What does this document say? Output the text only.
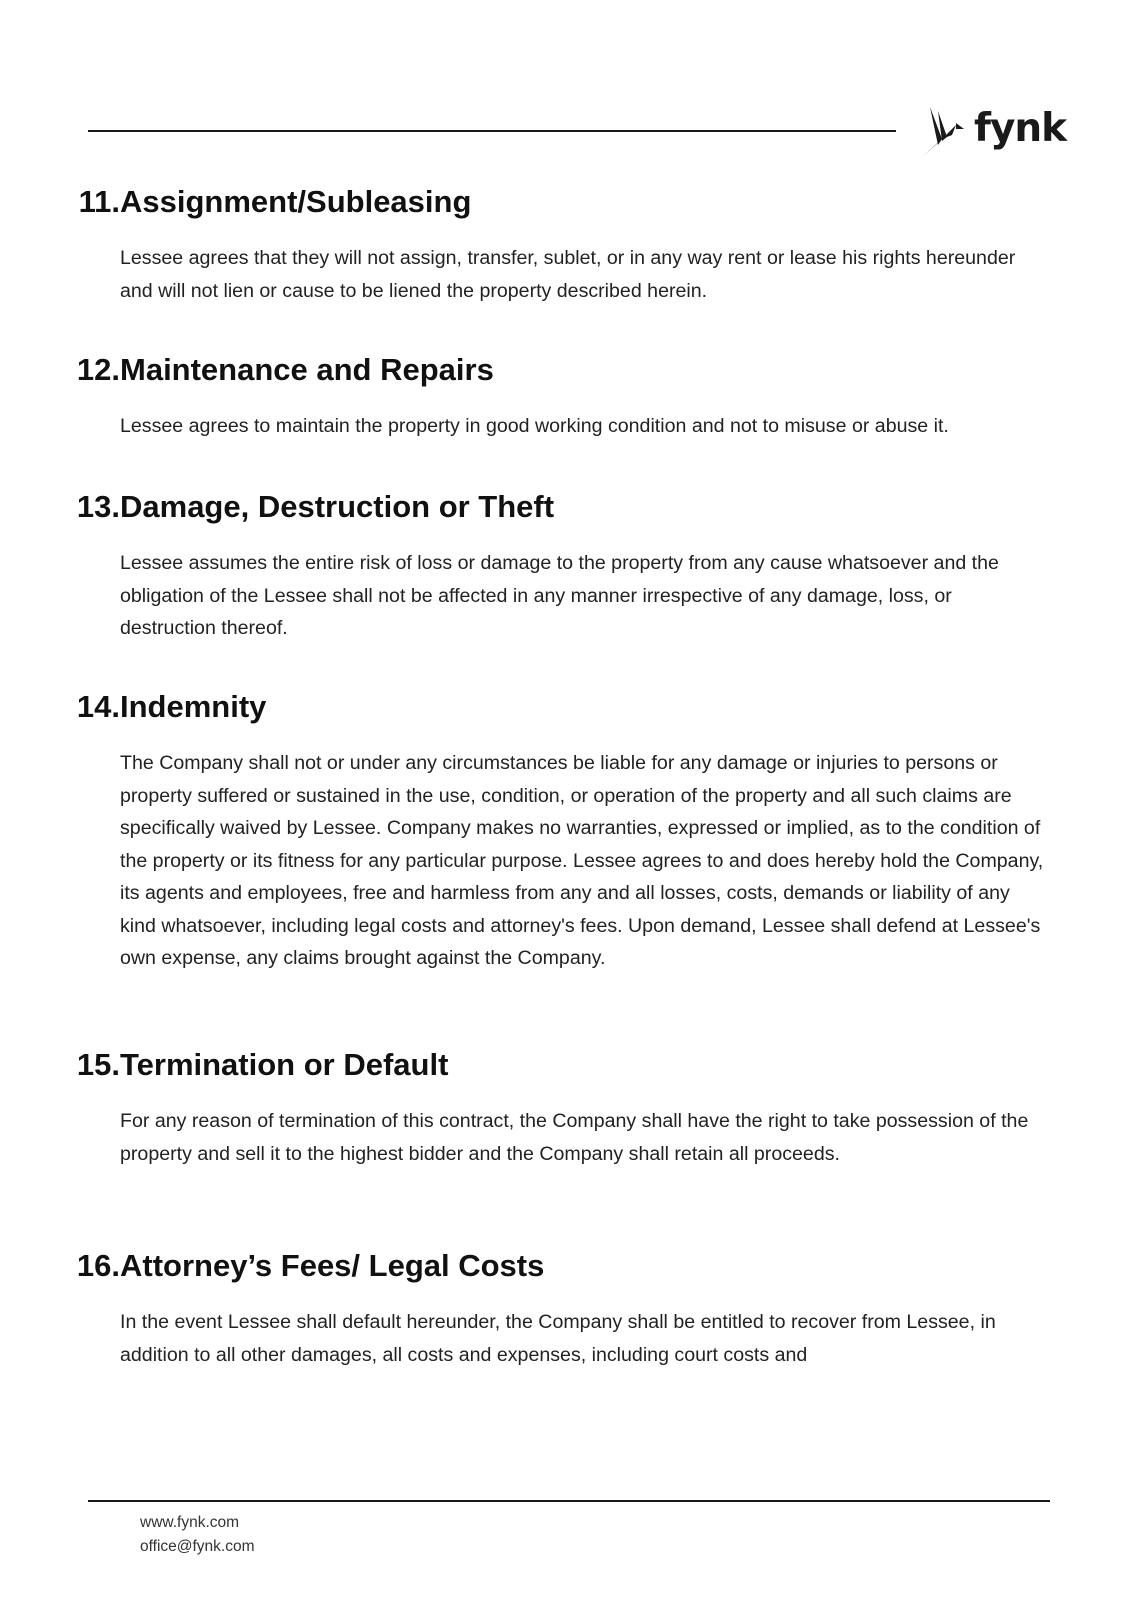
fynk
11. Assignment/Subleasing

Lessee agrees that they will not assign, transfer, sublet, or in any way rent or lease his rights hereunder and will not lien or cause to be liened the property described herein.

12. Maintenance and Repairs

Lessee agrees to maintain the property in good working condition and not to misuse or abuse it.

13. Damage, Destruction or Theft

Lessee assumes the entire risk of loss or damage to the property from any cause whatsoever and the obligation of the Lessee shall not be affected in any manner irrespective of any damage, loss, or destruction thereof.

14. Indemnity

The Company shall not or under any circumstances be liable for any damage or injuries to persons or property suffered or sustained in the use, condition, or operation of the property and all such claims are specifically waived by Lessee. Company makes no warranties, expressed or implied, as to the condition of the property or its fitness for any particular purpose. Lessee agrees to and does hereby hold the Company, its agents and employees, free and harmless from any and all losses, costs, demands or liability of any kind whatsoever, including legal costs and attorney's fees. Upon demand, Lessee shall defend at Lessee's own expense, any claims brought against the Company.

15. Termination or Default

For any reason of termination of this contract, the Company shall have the right to take possession of the property and sell it to the highest bidder and the Company shall retain all proceeds.

16. Attorney’s Fees/ Legal Costs

In the event Lessee shall default hereunder, the Company shall be entitled to recover from Lessee, in addition to all other damages, all costs and expenses, including court costs and

www.fynk.com
office@fynk.com
